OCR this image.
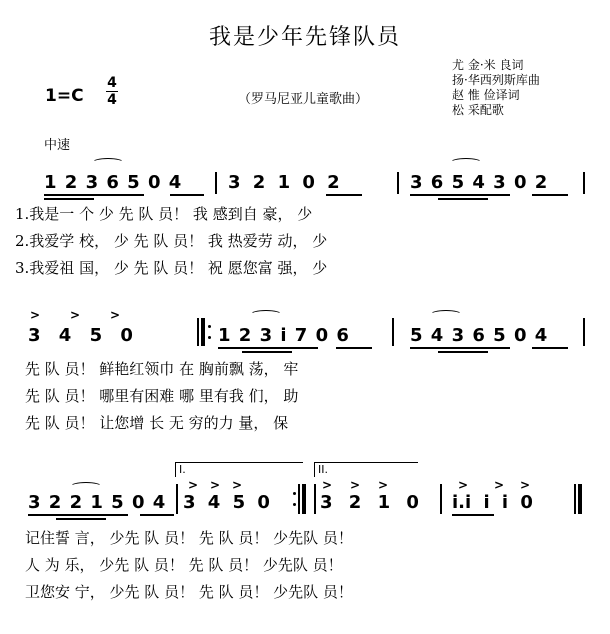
我是少年先锋队员
尤 金·米 良词
扬·华西列斯库曲
赵 惟 俭译词
松 采配歌
1=C
4
4	（罗马尼亚儿童歌曲）
中速
1 2 3 6 5 0 4	3 2 1 0 2	3 6 5 4 3 0 2
1.我是一 个 少 先 队 员！ 我 感到自 豪， 少
2.我爱学 校， 少 先 队 员！ 我 热爱劳 动， 少
3.我爱祖 国， 少 先 队 员！ 祝 愿您富 强， 少
> > >
3 4 5 0	1 2 3 i 7 0 6	5 4 3 6 5 0 4
先 队 员！ 鲜艳红领巾 在 胸前飘 荡， 牢
先 队 员！ 哪里有困难 哪 里有我 们， 助
先 队 员！ 让您增 长 无 穷的力 量， 保
I.	II.
3 2 2 1 5 0 4
> > >
3 4 5 0
> > >
3 2 1 0
> > >
i.i i i 0
记住誓 言， 少先 队 员！ 先 队 员！ 少先队 员！
人 为 乐， 少先 队 员！ 先 队 员！ 少先队 员！
卫您安 宁， 少先 队 员！ 先 队 员！ 少先队 员！
